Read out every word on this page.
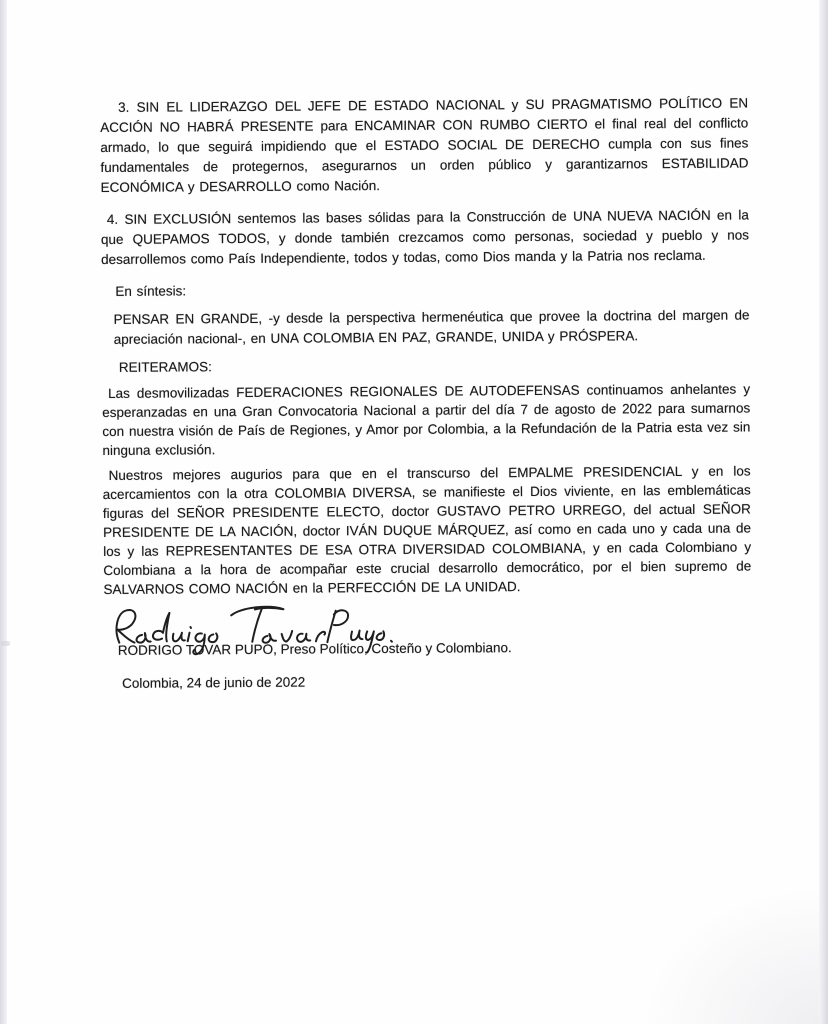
3. SIN EL LIDERAZGO DEL JEFE DE ESTADO NACIONAL y SU PRAGMATISMO POLÍTICO EN ACCIÓN NO HABRÁ PRESENTE para ENCAMINAR CON RUMBO CIERTO el final real del conflicto armado, lo que seguirá impidiendo que el ESTADO SOCIAL DE DERECHO cumpla con sus fines fundamentales de protegernos, asegurarnos un orden público y garantizarnos ESTABILIDAD ECONÓMICA y DESARROLLO como Nación.

4. SIN EXCLUSIÓN sentemos las bases sólidas para la Construcción de UNA NUEVA NACIÓN en la que QUEPAMOS TODOS, y donde también crezcamos como personas, sociedad y pueblo y nos desarrollemos como País Independiente, todos y todas, como Dios manda y la Patria nos reclama.

En síntesis:

PENSAR EN GRANDE, -y desde la perspectiva hermenéutica que provee la doctrina del margen de apreciación nacional-, en UNA COLOMBIA EN PAZ, GRANDE, UNIDA y PRÓSPERA.

REITERAMOS:

Las desmovilizadas FEDERACIONES REGIONALES DE AUTODEFENSAS continuamos anhelantes y esperanzadas en una Gran Convocatoria Nacional a partir del día 7 de agosto de 2022 para sumarnos con nuestra visión de País de Regiones, y Amor por Colombia, a la Refundación de la Patria esta vez sin ninguna exclusión.

Nuestros mejores augurios para que en el transcurso del EMPALME PRESIDENCIAL y en los acercamientos con la otra COLOMBIA DIVERSA, se manifieste el Dios viviente, en las emblemáticas figuras del SEÑOR PRESIDENTE ELECTO, doctor GUSTAVO PETRO URREGO, del actual SEÑOR PRESIDENTE DE LA NACIÓN, doctor IVÁN DUQUE MÁRQUEZ, así como en cada uno y cada una de los y las REPRESENTANTES DE ESA OTRA DIVERSIDAD COLOMBIANA, y en cada Colombiano y Colombiana a la hora de acompañar este crucial desarrollo democrático, por el bien supremo de SALVARNOS COMO NACIÓN en la PERFECCIÓN DE LA UNIDAD.

RODRIGO TOVAR PUPO, Preso Político, Costeño y Colombiano.

Colombia, 24 de junio de 2022
